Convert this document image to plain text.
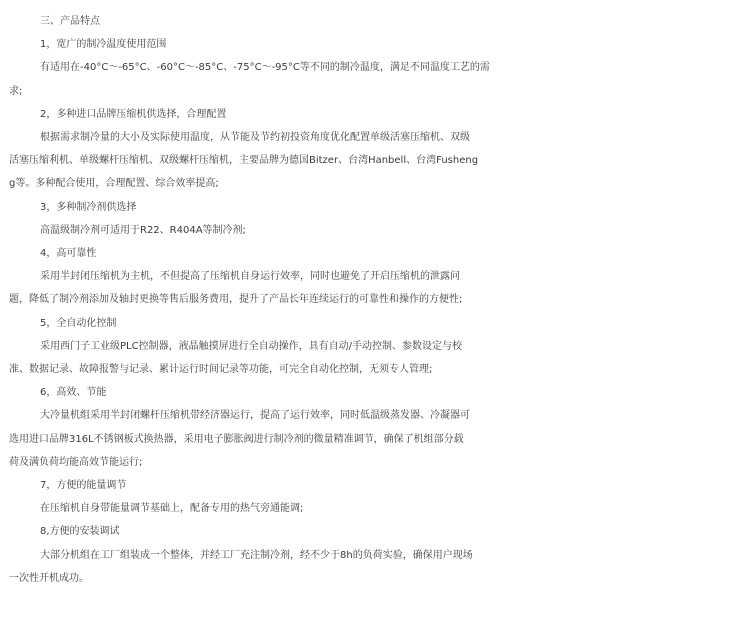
三、产品特点
1，宽广的制冷温度使用范围
有适用在-40°C～-65°C、-60°C～-85°C、-75°C～-95°C等不同的制冷温度，满足不同温度工艺的需
求;
2，多种进口品牌压缩机供选择，合理配置
根据需求制冷量的大小及实际使用温度，从节能及节约初投资角度优化配置单级活塞压缩机、双级
活塞压缩利机、单级螺杆压缩机、双级螺杆压缩机，主要品牌为德国Bitzer、台湾Hanbell、台湾Fusheng
g等。多种配合使用，合理配置、综合效率提高;
3，多种制冷剂供选择
高温级制冷剂可适用于R22、R404A等制冷剂;
4，高可靠性
采用半封闭压缩机为主机，不但提高了压缩机自身运行效率，同时也避免了开启压缩机的泄露问
题，降低了制冷剂添加及轴封更换等售后服务费用，提升了产品长年连续运行的可靠性和操作的方便性;
5，全自动化控制
采用西门子工业级PLC控制器，液晶触摸屏进行全自动操作，具有自动/手动控制、参数设定与校
准、数据记录、故障报警与记录、累计运行时间记录等功能，可完全自动化控制，无须专人管理;
6，高效、节能
大冷量机组采用半封闭螺杆压缩机带经济器运行，提高了运行效率，同时低温级蒸发器、冷凝器可
选用进口品牌316L不锈钢板式换热器，采用电子膨胀阀进行制冷剂的微量精准调节，确保了机组部分载
荷及满负荷均能高效节能运行;
7，方便的能量调节
在压缩机自身带能量调节基础上，配备专用的热气旁通能调;
8,方便的安装调试
大部分机组在工厂组装成一个整体，并经工厂充注制冷剂，经不少于8h的负荷实验，确保用户现场
一次性开机成功。
